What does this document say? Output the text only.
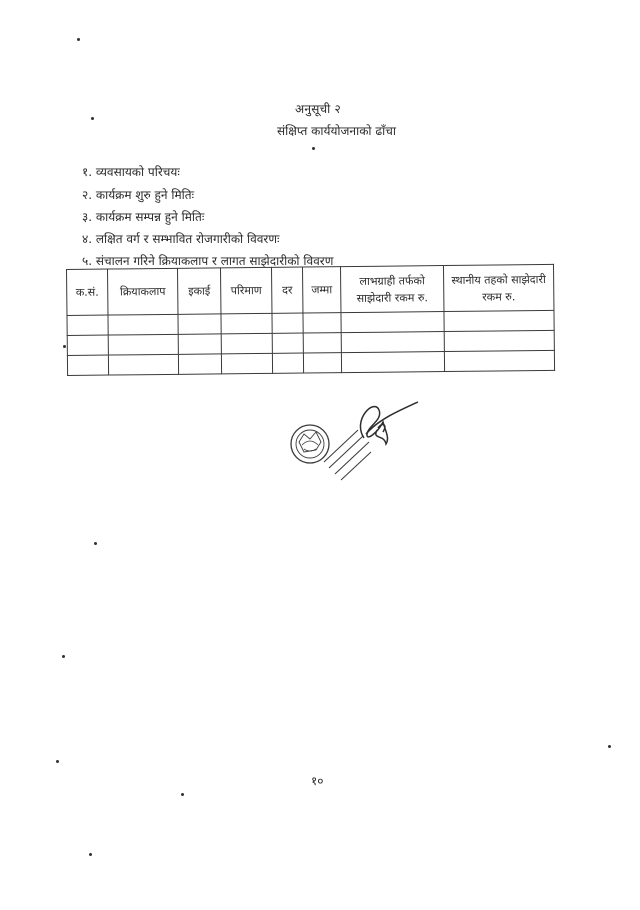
अनुसूची २
संक्षिप्त कार्ययोजनाको ढाँचा
१. व्यवसायको परिचयः
२. कार्यक्रम शुरु हुने मितिः
३. कार्यक्रम सम्पन्न हुने मितिः
४. लक्षित वर्ग र सम्भावित रोजगारीको विवरणः
५. संचालन गरिने क्रियाकलाप र लागत साझेदारीको विवरण
क.सं.	क्रियाकलाप	इकाई	परिमाण	दर	जम्मा	लाभग्राही तर्फको साझेदारी रकम रु.	स्थानीय तहको साझेदारी रकम रु.

१०
